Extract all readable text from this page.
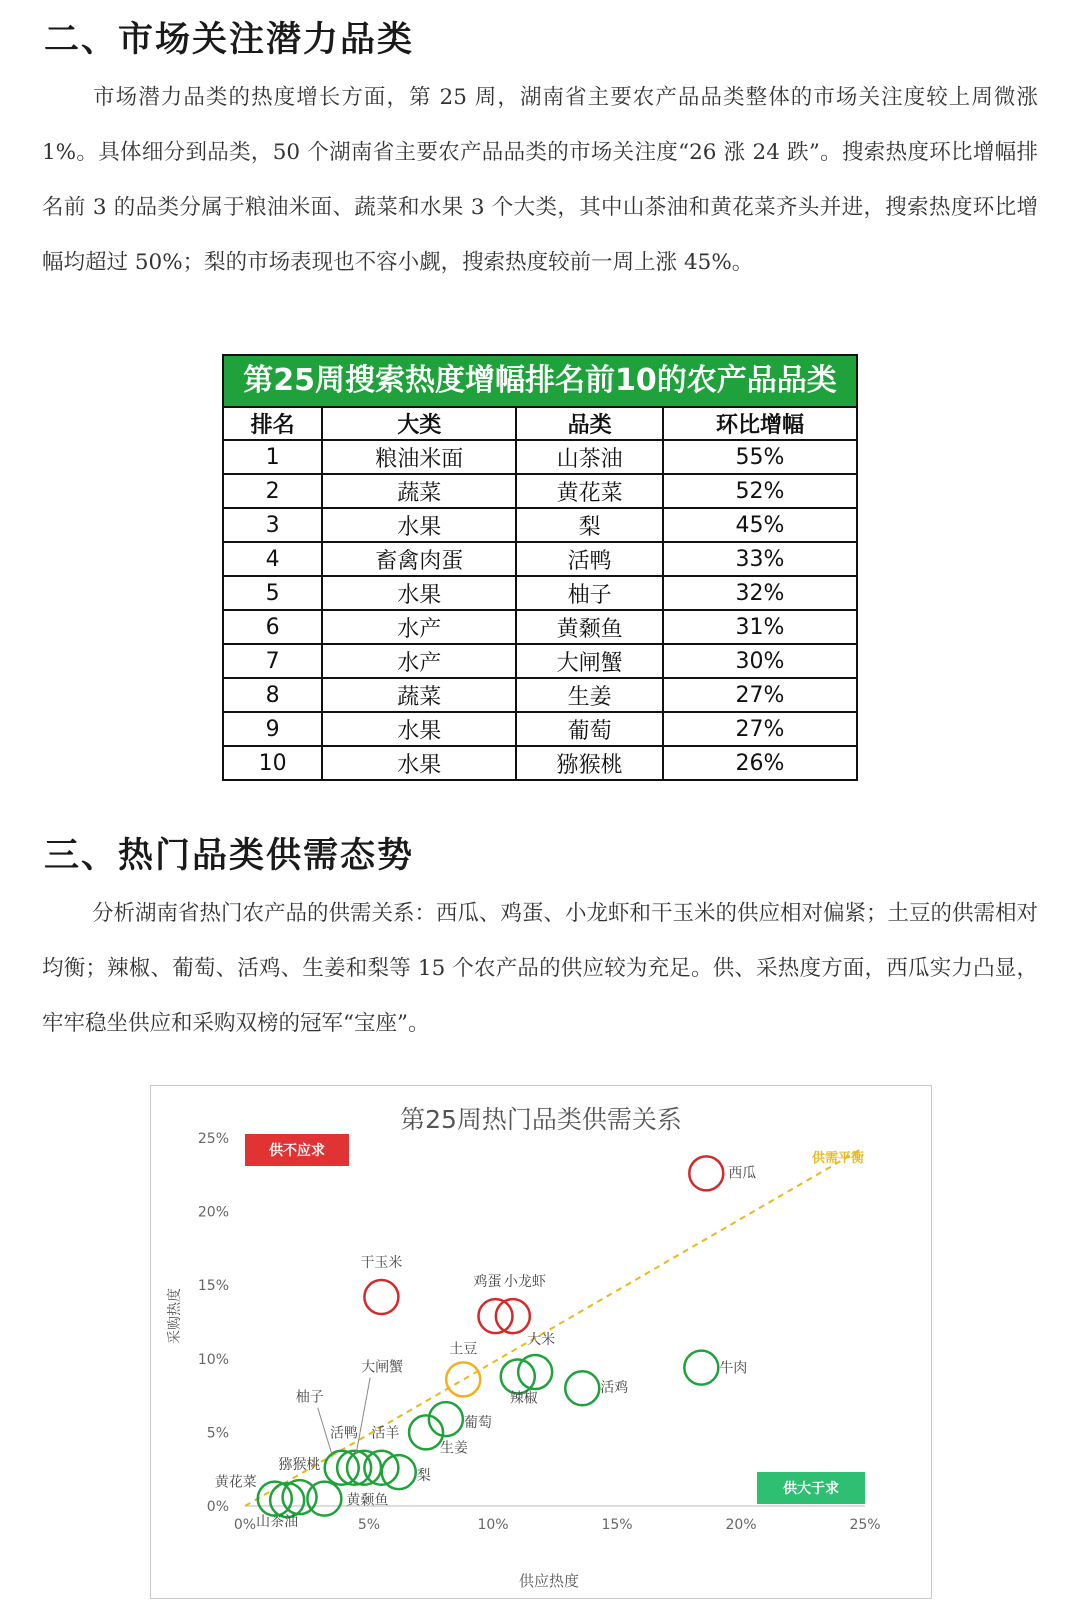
二、市场关注潜力品类

市场潜力品类的热度增长方面，第 25 周，湖南省主要农产品品类整体的市场关注度较上周微涨 1%。具体细分到品类，50 个湖南省主要农产品品类的市场关注度“26 涨 24 跌”。搜索热度环比增幅排名前 3 的品类分属于粮油米面、蔬菜和水果 3 个大类，其中山茶油和黄花菜齐头并进，搜索热度环比增幅均超过 50%；梨的市场表现也不容小觑，搜索热度较前一周上涨 45%。

第25周搜索热度增幅排名前10的农产品品类
排名	大类	品类	环比增幅
1	粮油米面	山茶油	55%
2	蔬菜	黄花菜	52%
3	水果	梨	45%
4	畜禽肉蛋	活鸭	33%
5	水果	柚子	32%
6	水产	黄颡鱼	31%
7	水产	大闸蟹	30%
8	蔬菜	生姜	27%
9	水果	葡萄	27%
10	水果	猕猴桃	26%
三、热门品类供需态势

分析湖南省热门农产品的供需关系：西瓜、鸡蛋、小龙虾和干玉米的供应相对偏紧；土豆的供需相对均衡；辣椒、葡萄、活鸡、生姜和梨等 15 个农产品的供应较为充足。供、采热度方面，西瓜实力凸显，牢牢稳坐供应和采购双榜的冠军“宝座”。

第25周热门品类供需关系
采购热度
供应热度
0%	5%	10%	15%	20%	25%
0%
5%
10%
15%
20%
25%
供需平衡
供不应求
供大于求
西瓜
干玉米
鸡蛋 小龙虾
土豆
牛肉
大米
辣椒
活鸡
葡萄
生姜
活羊
梨
活鸭
大闸蟹
柚子
黄颡鱼
猕猴桃
山茶油
黄花菜
